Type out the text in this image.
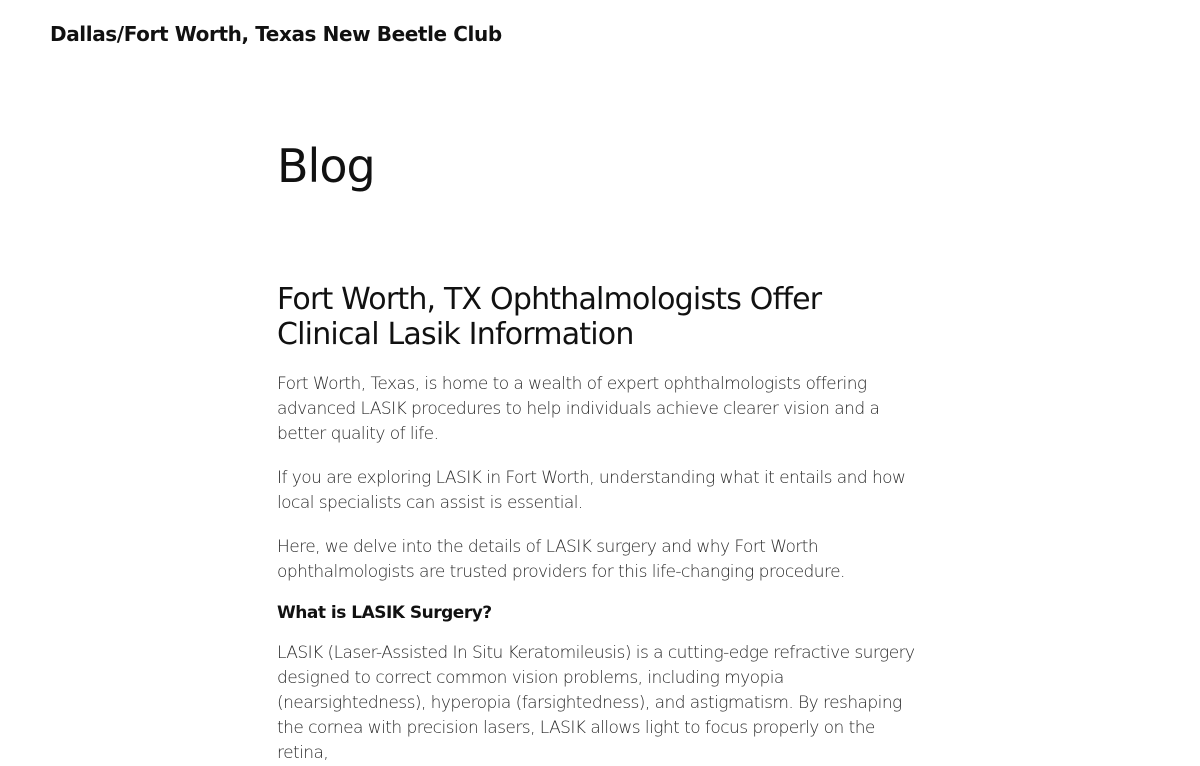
Dallas/Fort Worth, Texas New Beetle Club
Blog
Fort Worth, TX Ophthalmologists Offer Clinical Lasik Information

Fort Worth, Texas, is home to a wealth of expert ophthalmologists offering advanced LASIK procedures to help individuals achieve clearer vision and a better quality of life.

If you are exploring LASIK in Fort Worth, understanding what it entails and how local specialists can assist is essential.

Here, we delve into the details of LASIK surgery and why Fort Worth ophthalmologists are trusted providers for this life-changing procedure.

What is LASIK Surgery?

LASIK (Laser-Assisted In Situ Keratomileusis) is a cutting-edge refractive surgery designed to correct common vision problems, including myopia (nearsightedness), hyperopia (farsightedness), and astigmatism. By reshaping the cornea with precision lasers, LASIK allows light to focus properly on the retina,
